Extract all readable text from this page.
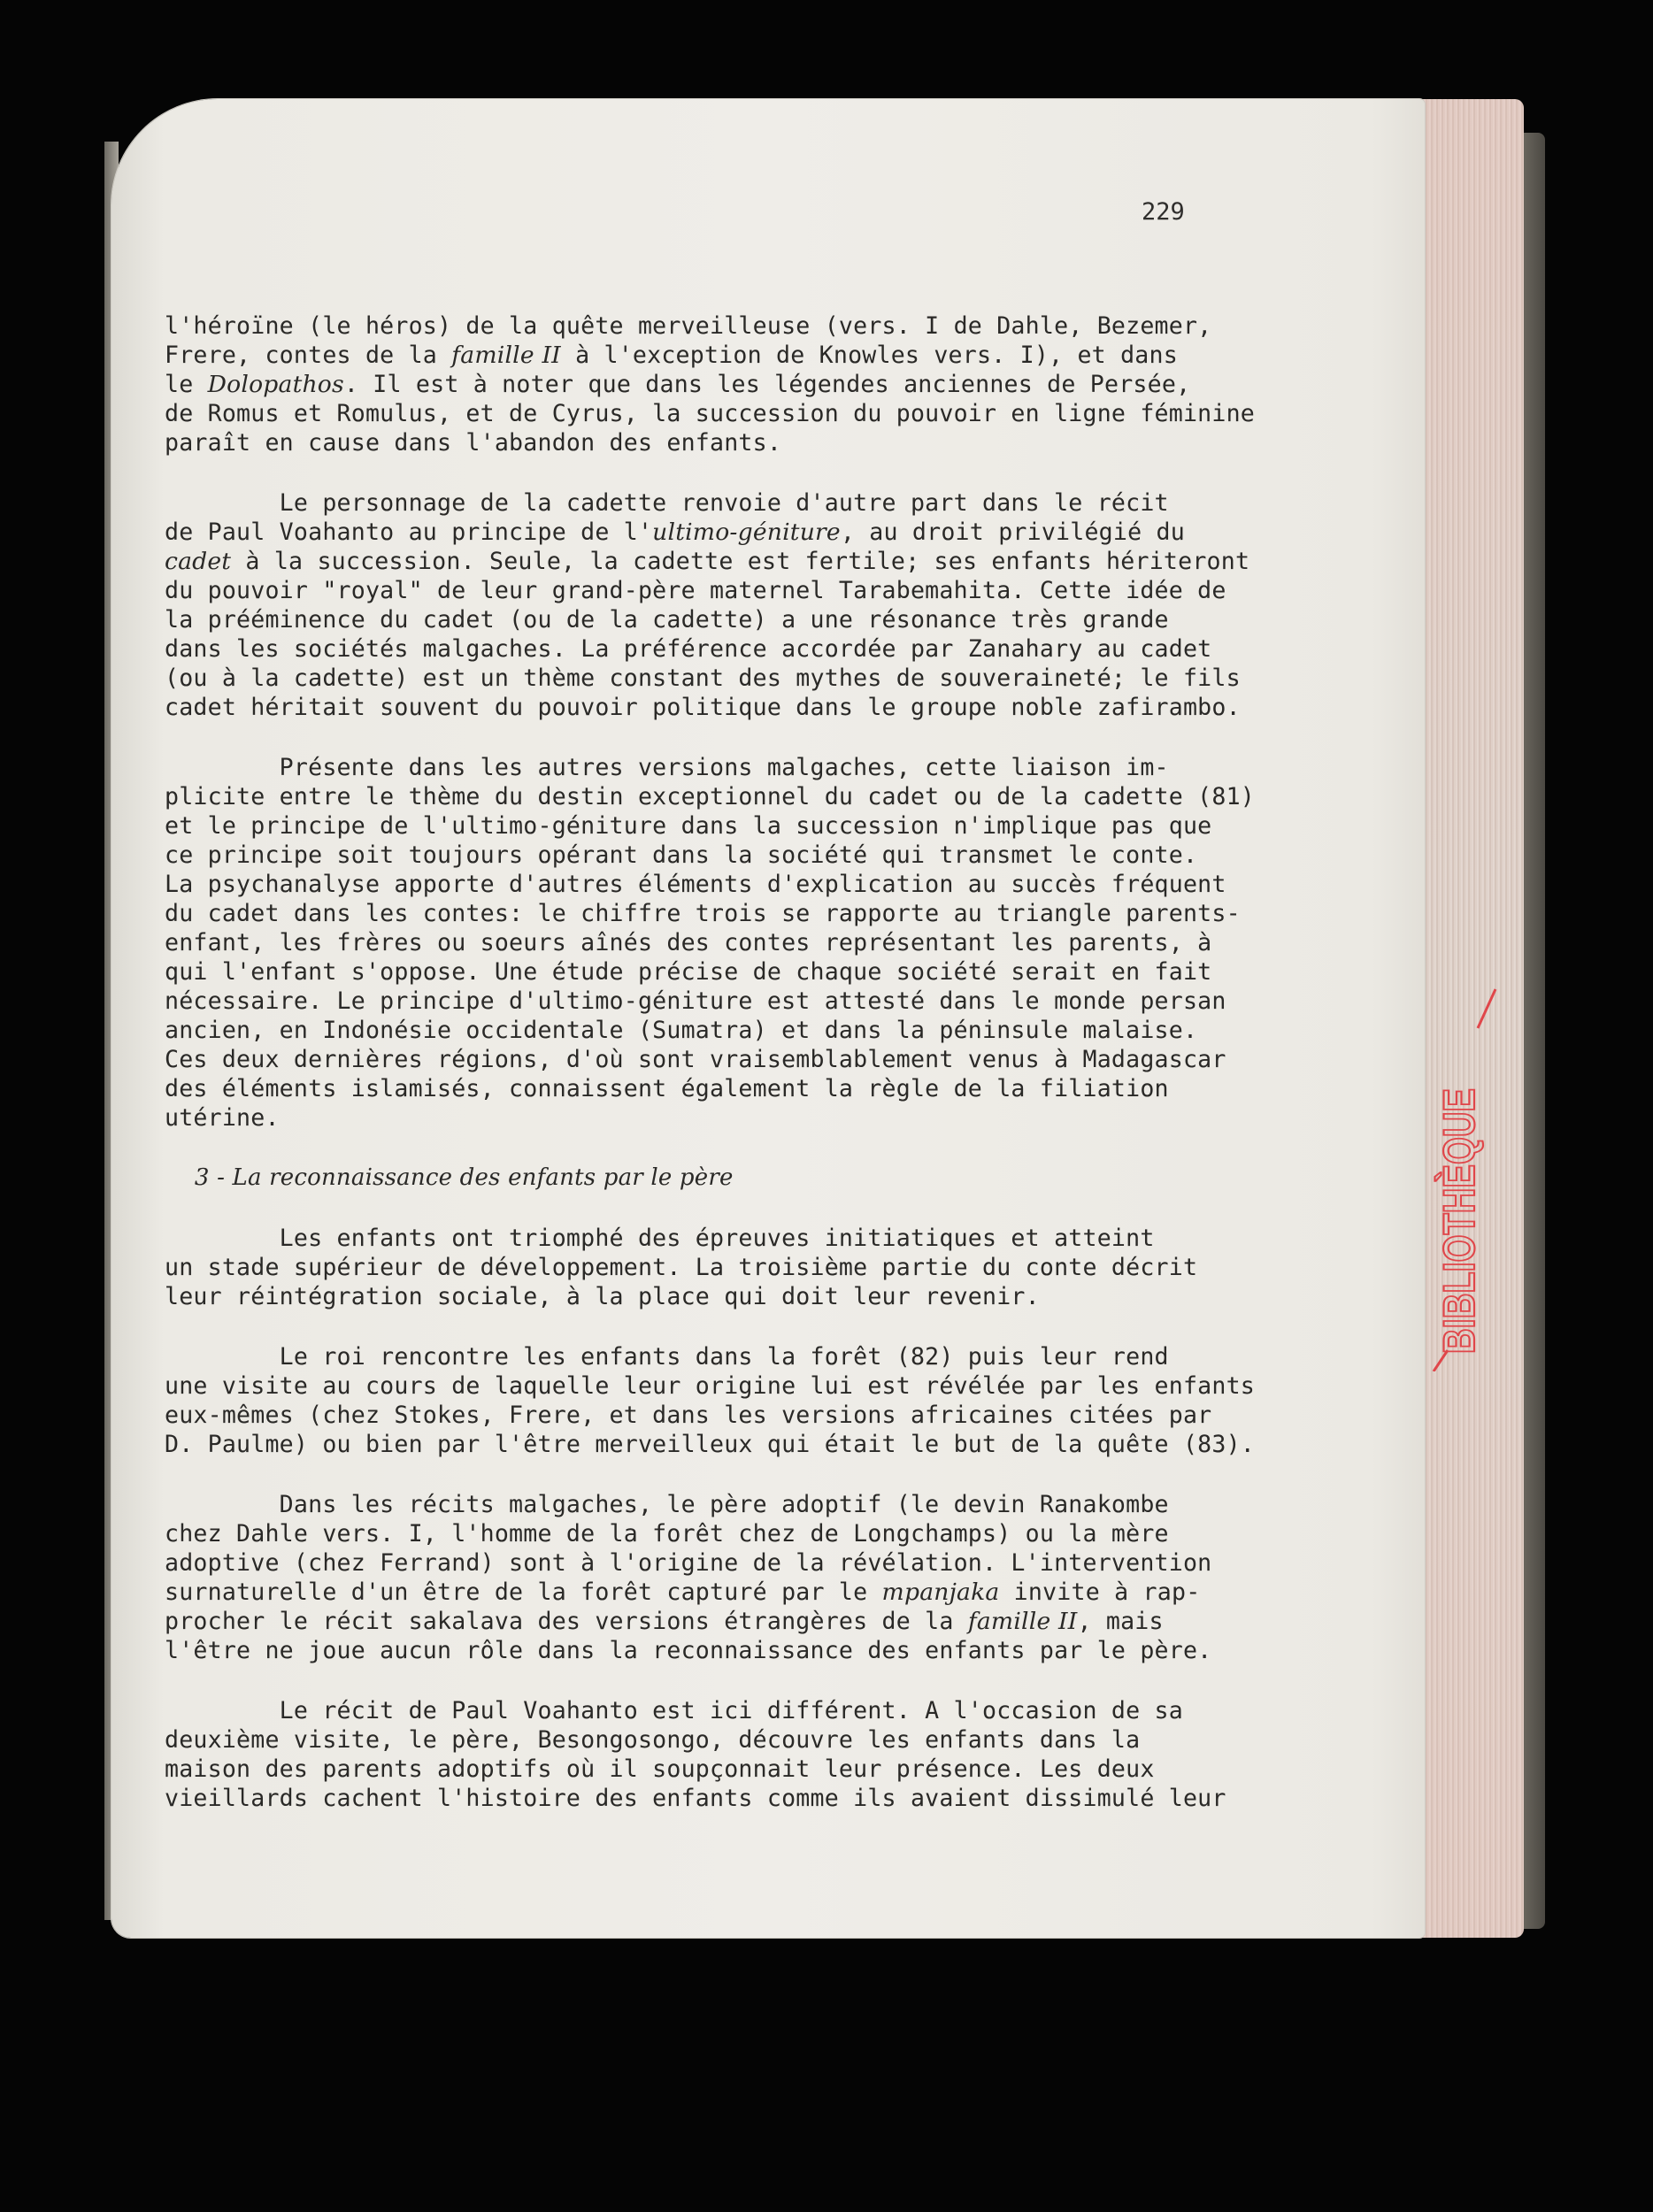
229
l'héroïne (le héros) de la quête merveilleuse (vers. I de Dahle, Bezemer,
Frere, contes de la famille II à l'exception de Knowles vers. I), et dans
le Dolopathos. Il est à noter que dans les légendes anciennes de Persée,
de Romus et Romulus, et de Cyrus, la succession du pouvoir en ligne féminine
paraît en cause dans l'abandon des enfants.
Le personnage de la cadette renvoie d'autre part dans le récit
de Paul Voahanto au principe de l'ultimo-géniture, au droit privilégié du
cadet à la succession. Seule, la cadette est fertile; ses enfants hériteront
du pouvoir "royal" de leur grand-père maternel Tarabemahita. Cette idée de
la prééminence du cadet (ou de la cadette) a une résonance très grande
dans les sociétés malgaches. La préférence accordée par Zanahary au cadet
(ou à la cadette) est un thème constant des mythes de souveraineté; le fils
cadet héritait souvent du pouvoir politique dans le groupe noble zafirambo.
Présente dans les autres versions malgaches, cette liaison im-
plicite entre le thème du destin exceptionnel du cadet ou de la cadette (81)
et le principe de l'ultimo-géniture dans la succession n'implique pas que
ce principe soit toujours opérant dans la société qui transmet le conte.
La psychanalyse apporte d'autres éléments d'explication au succès fréquent
du cadet dans les contes: le chiffre trois se rapporte au triangle parents-
enfant, les frères ou soeurs aînés des contes représentant les parents, à
qui l'enfant s'oppose. Une étude précise de chaque société serait en fait
nécessaire. Le principe d'ultimo-géniture est attesté dans le monde persan
ancien, en Indonésie occidentale (Sumatra) et dans la péninsule malaise.
Ces deux dernières régions, d'où sont vraisemblablement venus à Madagascar
des éléments islamisés, connaissent également la règle de la filiation
utérine.
3 - La reconnaissance des enfants par le père
Les enfants ont triomphé des épreuves initiatiques et atteint
un stade supérieur de développement. La troisième partie du conte décrit
leur réintégration sociale, à la place qui doit leur revenir.
Le roi rencontre les enfants dans la forêt (82) puis leur rend
une visite au cours de laquelle leur origine lui est révélée par les enfants
eux-mêmes (chez Stokes, Frere, et dans les versions africaines citées par
D. Paulme) ou bien par l'être merveilleux qui était le but de la quête (83).
Dans les récits malgaches, le père adoptif (le devin Ranakombe
chez Dahle vers. I, l'homme de la forêt chez de Longchamps) ou la mère
adoptive (chez Ferrand) sont à l'origine de la révélation. L'intervention
surnaturelle d'un être de la forêt capturé par le mpanjaka invite à rap-
procher le récit sakalava des versions étrangères de la famille II, mais
l'être ne joue aucun rôle dans la reconnaissance des enfants par le père.
Le récit de Paul Voahanto est ici différent. A l'occasion de sa
deuxième visite, le père, Besongosongo, découvre les enfants dans la
maison des parents adoptifs où il soupçonnait leur présence. Les deux
vieillards cachent l'histoire des enfants comme ils avaient dissimulé leur
BIBLIOTHÈQUE
